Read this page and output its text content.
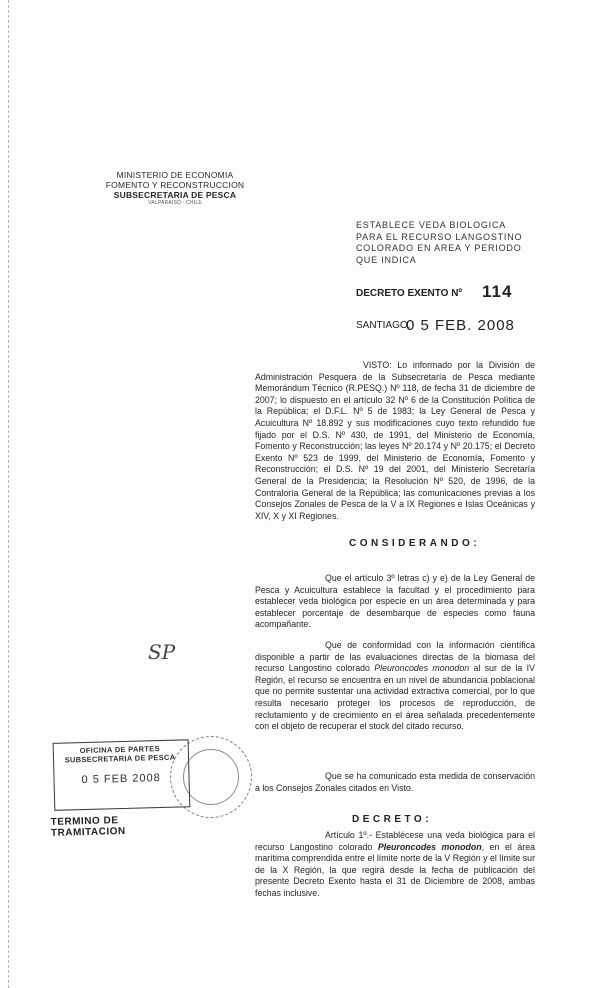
MINISTERIO DE ECONOMIA
FOMENTO Y RECONSTRUCCION
SUBSECRETARIA DE PESCA
VALPARAISO · CHILE
ESTABLECE VEDA BIOLOGICA PARA EL RECURSO LANGOSTINO COLORADO EN AREA Y PERIODO QUE INDICA
DECRETO EXENTO Nº 114
SANTIAGO,
0 5 FEB. 2008
VISTO: Lo informado por la División de Administración Pesquera de la Subsecretaría de Pesca mediante Memorándum Técnico (R.PESQ.) Nº 118, de fecha 31 de diciembre de 2007; lo dispuesto en el artículo 32 Nº 6 de la Constitución Política de la República; el D.F.L. Nº 5 de 1983; la Ley General de Pesca y Acuicultura Nº 18.892 y sus modificaciones cuyo texto refundido fue fijado por el D.S. Nº 430, de 1991, del Ministerio de Economía, Fomento y Reconstrucción; las leyes Nº 20.174 y Nº 20.175; el Decreto Exento Nº 523 de 1999, del Ministerio de Economía, Fomento y Reconstrucción; el D.S. Nº 19 del 2001, del Ministerio Secretaría General de la Presidencia; la Resolución Nº 520, de 1996, de la Contraloría General de la República; las comunicaciones previas a los Consejos Zonales de Pesca de la V a IX Regiones e Islas Oceánicas y XIV, X y XI Regiones.
CONSIDERANDO:
Que el artículo 3º letras c) y e) de la Ley General de Pesca y Acuicultura establece la facultad y el procedimiento para establecer veda biológica por especie en un área determinada y para establecer porcentaje de desembarque de especies como fauna acompañante.
Que de conformidad con la información científica disponible a partir de las evaluaciones directas de la biomasa del recurso Langostino colorado Pleuroncodes monodon al sur de la IV Región, el recurso se encuentra en un nivel de abundancia poblacional que no permite sustentar una actividad extractiva comercial, por lo que resulta necesario proteger los procesos de reproducción, de reclutamiento y de crecimiento en el área señalada precedentemente con el objeto de recuperar el stock del citado recurso.
Que se ha comunicado esta medida de conservación a los Consejos Zonales citados en Visto.
DECRETO:
Artículo 1º.- Establécese una veda biológica para el recurso Langostino colorado Pleuroncodes monodon, en el área marítima comprendida entre el límite norte de la V Región y el límite sur de la X Región, la que regirá desde la fecha de publicación del presente Decreto Exento hasta el 31 de Diciembre de 2008, ambas fechas inclusive.
SP
OFICINA DE PARTES
SUBSECRETARIA DE PESCA
0 5 FEB 2008
TERMINO DE TRAMITACION
